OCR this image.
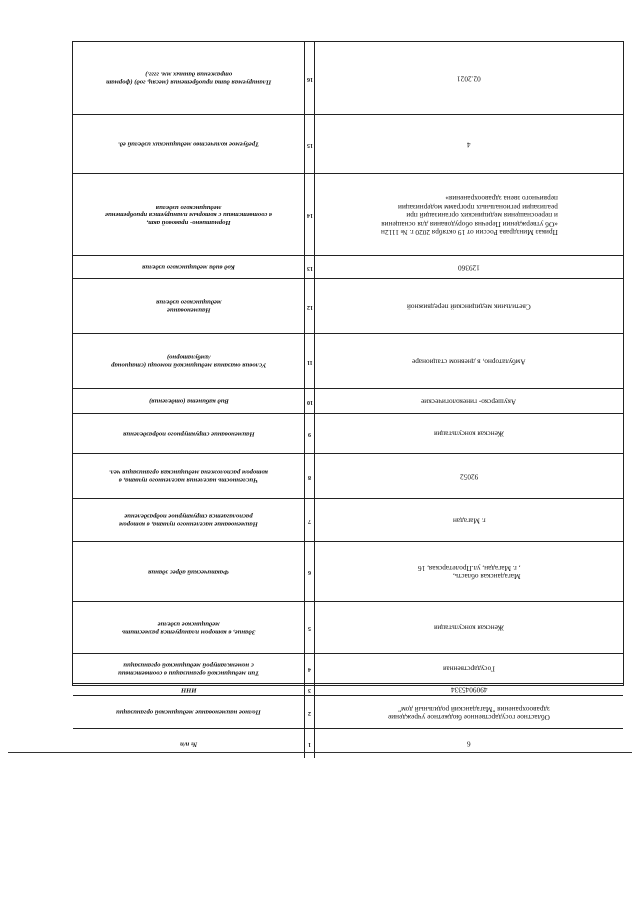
Планируемая дата приобретения (месяц, год) (формат
отражения данных мм. гггг.)
16	02.2021
Требуемое количество медицинских изделий ед.	15	4
Нормативно- правовой акт,
в соответствии с которым планируется приобретение
медицинского изделия
14
Приказ Минздрава России от 19 октября 2020 г. № 1112н
«Об утверждении Перечня оборудования для оснащения
и переоснащения медицинских организаций при
реализации региональных программ модернизации
первичного звена здравоохранения»
Код вида медицинского изделия	13	129360
Наименование
медицинского изделия
12	Светильник медицинский передвижной
Условия оказания медицинской помощи (стационар
/амбулаторно)
11	Амбулаторно, в дневном стационаре
Вид кабинета (отделения)	10	Акушерско- гинекологические
Наименование структурного подразделения	9	Женская консультация
Численность населения населенного пункта, в
котором расположена медицинская организация чел.
8	92052
Наименование населенного пункта, в котором
располагается структурное подразделение
7	г. Магадан
Фактический адрес здания	6	Магаданская область,
, г. Магадан, ул.Пролетарская, 16
Здание, в котором планируется разместить
медицинское изделие
5	Женская консультация
Тип медицинской организации в соответствии
с номенклатурой медицинской организации
4	Государственная
ИНН	3	4909045334
Полное наименование медицинской организации	2	Областное государственное бюджетное учреждение
здравоохранения "Магаданский родильный дом"
№ п/п	1	6
